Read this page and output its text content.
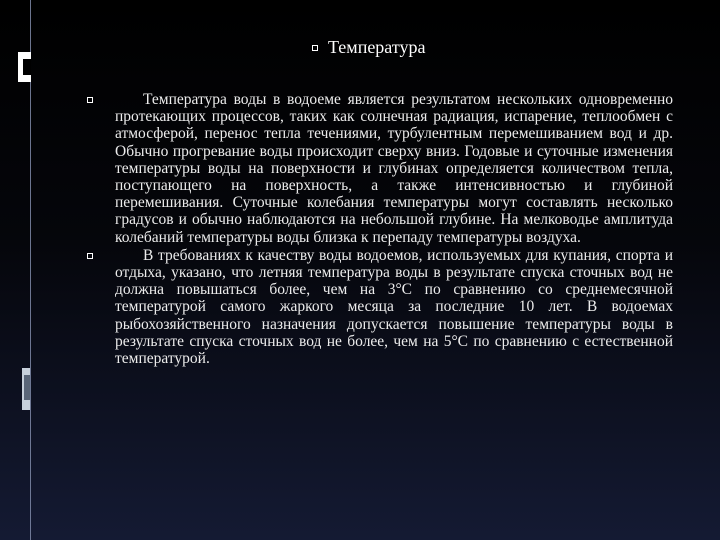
Температура
Температура воды в водоеме является результатом нескольких одновременно протекающих процессов, таких как солнечная радиация, испарение, теплообмен с атмосферой, перенос тепла течениями, турбулентным перемешиванием вод и др. Обычно прогревание воды происходит сверху вниз. Годовые и суточные изменения температуры воды на поверхности и глубинах определяется количеством тепла, поступающего на поверхность, а также интенсивностью и глубиной перемешивания. Суточные колебания температуры могут составлять несколько градусов и обычно наблюдаются на небольшой глубине. На мелководье амплитуда колебаний температуры воды близка к перепаду температуры воздуха.
В требованиях к качеству воды водоемов, используемых для купания, спорта и отдыха, указано, что летняя температура воды в результате спуска сточных вод не должна повышаться более, чем на 3°С по сравнению со среднемесячной температурой самого жаркого месяца за последние 10 лет. В водоемах рыбохозяйственного назначения допускается повышение температуры воды в результате спуска сточных вод не более, чем на 5°С по сравнению с естественной температурой.
